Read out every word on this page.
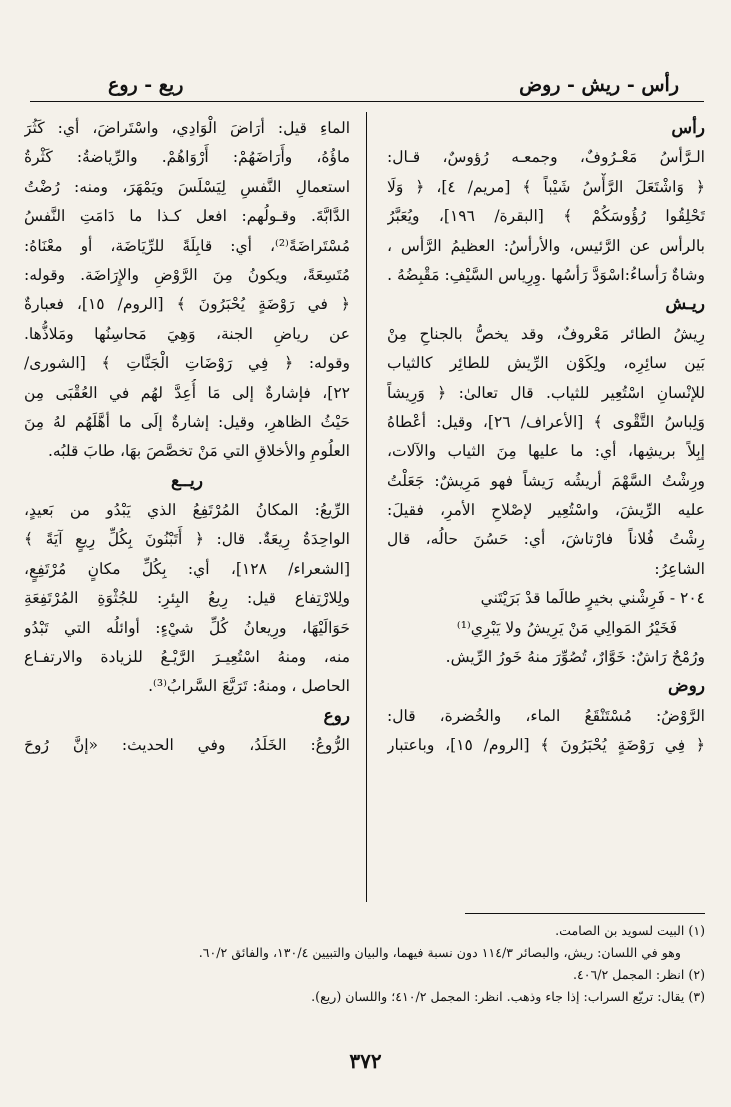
رأس - ريش - روض
ريع - روع
رأس
الـرَّأسُ مَعْـرُوفٌ، وجمعـه رُؤوسٌ، قـال:
﴿ وَاشْتَعَلَ الرَّأْسُ شَيْباً ﴾ [مريم/ ٤]، ﴿ وَلَا
تَحْلِقُوا رُؤُوسَكُمْ ﴾ [البقرة/ ١٩٦]، ويُعَبَّرُ
بالرأس عن الرَّئيس، والأرأسُ: العظيمُ الرَّأس ،
وشاةٌ رَأساءُ:اسْوَدَّ رَأسُها .وِرِياس السَّيْفِ: مَقْبِضُهُ .
ريـش
رِيشُ الطائر مَعْروفٌ، وقد يخصُّ بالجناحِ مِنْ
بَين سائِرِه، ولِكَوْن الرِّيش للطائِر كالثياب
للإنْسانِ اسْتُعِير للثياب. قال تعالىٰ: ﴿ وَرِيشاً
وَلِباسُ التَّقْوى ﴾ [الأعراف/ ٢٦]، وقيل: أعْطاهُ
إبِلاً بريشِها، أي: ما عليها مِنَ الثياب والآلات،
ورِشْتُ السَّهْمَ أريشُه رَيشاً فهو مَرِيشٌ: جَعَلْتُ
عليه الرِّيشَ، واسْتُعِير لإصْلاحِ الأمرِ، فقيلَ:
رِشْتُ فُلاناً فارْتاشَ، أي: حَسُنَ حالُه، قال
الشاعِرُ:
٢٠٤ - فَرِشْني بخيرٍ طالَما قدْ بَرَيْتَني
فَخَيْرُ المَوالِي مَنْ يَرِيشُ ولا يَبْرِي⁽¹⁾
ورُمْحٌ رَاشٌ: خَوَّارٌ، تُصُوِّرَ منهُ خَورُ الرِّيش.
روض
الرَّوْضُ: مُسْتَنْقَعُ الماء، والخُضرة، قال:
﴿ فِي رَوْضَةٍ يُحْبَرُونَ ﴾ [الروم/ ١٥]، وباعتبار
الماءِ قيل: أرَاضَ الْوَادِي، واسْتَراضَ، أي: كَثُرَ
ماؤُهُ، وأَرَاضَهُمْ: أَرْوَاهُمْ. والرِّياضةُ: كَثْرةُ
استعمالِ النَّفسِ لِيَسْلَسَ ويَمْهَرَ، ومنه: رُضْتُ
الدَّابَّةَ. وقـولُهم: افعل كـذا ما دَامَتِ النَّفسُ
مُسْتَراضَةً⁽²⁾، أي: قابِلَةً للرِّيَاضَة، أو معْنَاهُ:
مُتَسِعَةً، ويكونُ مِنَ الرَّوْضِ والإِرَاضَة. وقوله:
﴿ في رَوْضَةٍ يُحْبَرُونَ ﴾ [الروم/ ١٥]، فعبارةٌ
عن رياضِ الجنة، وَهِيَ مَحاسِنُها ومَلاذُّها.
وقوله: ﴿ فِي رَوْضَاتِ الْجَنَّاتِ ﴾ [الشورى/
٢٢]، فإشارةٌ إلى مَا أُعِدَّ لهُم في العُقْبَى مِن
حَيْثُ الظاهرِ، وقيل: إشارةٌ إلَى ما أهَّلَهُم لهُ مِنَ
العلُومِ والأخلاقِ التي مَنْ تخصَّصَ بهَا، طابَ قلبُه.
ريــع
الرِّيعُ: المكانُ المُرْتَفِعُ الذي يَبْدُو من بَعيدٍ،
الواحِدَةُ رِيعَةٌ. قال: ﴿ أَتَبْنُونَ بِكُلِّ رِيعٍ آيَةً ﴾
[الشعراء/ ١٢٨]، أي: بِكُلِّ مكانٍ مُرْتَفِعٍ،
ولِلارْتِفاع قيل: رِيعُ البِئرِ: للجُثْوَةِ المُرْتَفِعَةِ
حَوَالَيْهَا، ورِيعانُ كُلِّ شيْءٍ: أوائلُه التي تَبْدُو
منه، ومنهُ اسْتُعِيـرَ الرَّيْـعُ للزيادة والارتفـاع
الحاصل ، ومنهُ: تَرَيَّعَ السَّرابُ⁽³⁾.
روع
الرُّوعُ: الخَلَدُ، وفي الحديث: «إنَّ رُوحَ
(١) البيت لسويد بن الصامت.
وهو في اللسان: ريش، والبصائر ١١٤/٣ دون نسبة فيهما، والبيان والتبيين ١٣٠/٤، والفائق ٦٠/٢.
(٢) انظر: المجمل ٤٠٦/٢.
(٣) يقال: تريّع السراب: إذا جاء وذهب. انظر: المجمل ٤١٠/٢؛ واللسان (ريع).
٣٧٢
